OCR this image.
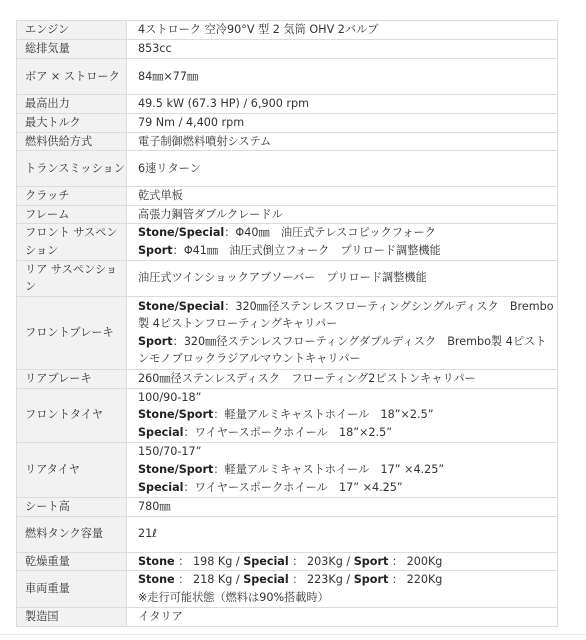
エンジン	4ストローク 空冷90°V 型 2 気筒 OHV 2バルブ

総排気量	853cc

ボア × ストローク	84㎜×77㎜

最高出力	49.5 kW (67.3 HP) / 6,900 rpm

最大トルク	79 Nm / 4,400 rpm

燃料供給方式	電子制御燃料噴射システム

トランスミッション	6速リターン

クラッチ	乾式単板

フレーム	高張力鋼管ダブルクレードル

フロント サスペンション	Stone/Special：Φ40㎜　油圧式テレスコピックフォーク
Sport：Φ41㎜　油圧式倒立フォーク　プリロード調整機能

リア サスペンション	油圧式ツインショックアブソーバー　プリロード調整機能

フロントブレーキ	Stone/Special：320㎜径ステンレスフローティングシングルディスク　Brembo製 4ピストンフローティングキャリパー
Sport：320㎜径ステンレスフローティングダブルディスク　Brembo製 4ピストンモノブロックラジアルマウントキャリパー

リアブレーキ	260㎜径ステンレスディスク　フローティング2ピストンキャリパー

フロントタイヤ	100/90-18”
Stone/Sport：軽量アルミキャストホイール　18”×2.5”
Special：ワイヤースポークホイール　18”×2.5”

リアタイヤ	150/70-17”
Stone/Sport：軽量アルミキャストホイール　17” ×4.25”
Special：ワイヤースポークホイール　17” ×4.25”

シート高	780㎜

燃料タンク容量	21ℓ

乾燥重量	Stone ： 198 Kg / Special ： 203Kg / Sport ： 200Kg

車両重量	Stone ： 218 Kg / Special ： 223Kg / Sport ： 220Kg
※走行可能状態（燃料は90%搭載時）

製造国	イタリア
